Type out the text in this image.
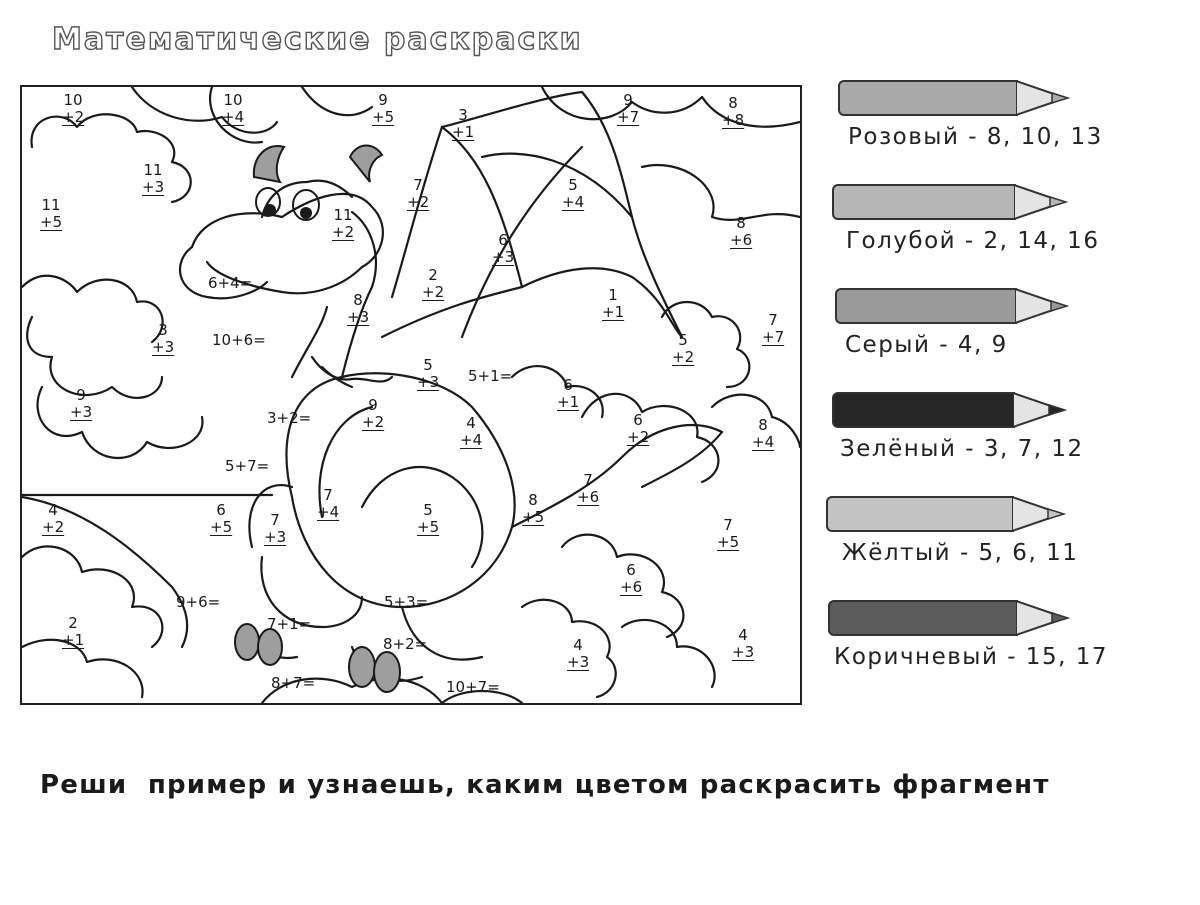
Математические раскраски
10
+2
10
+4
9
+5	3
+1
9
+7
8
+8
11
+3
11
+5	11
+2
7
+2
5
+4
8
+6
6
+3
2
+2
8
+3
1
+1	7
+7
3
+3	5
+2
5
+3
9
+3
6
+1
9
+2	6
+2
4
+4
8
+4
7
+6
4
+2
6
+5
7
+4
7
+3
5
+5
8
+5	7
+5
6
+6
2
+1	4
+3
4
+3
6+4=
10+6=
5+1=
3+2=
5+7=
9+6=	5+3=
7+1=
8+2=
8+7=	10+7=
Розовый - 8, 10, 13
Голубой - 2, 14, 16
Серый - 4, 9
Зелёный - 3, 7, 12
Жёлтый - 5, 6, 11
Коричневый - 15, 17
Реши  пример и узнаешь, каким цветом раскрасить фрагмент
